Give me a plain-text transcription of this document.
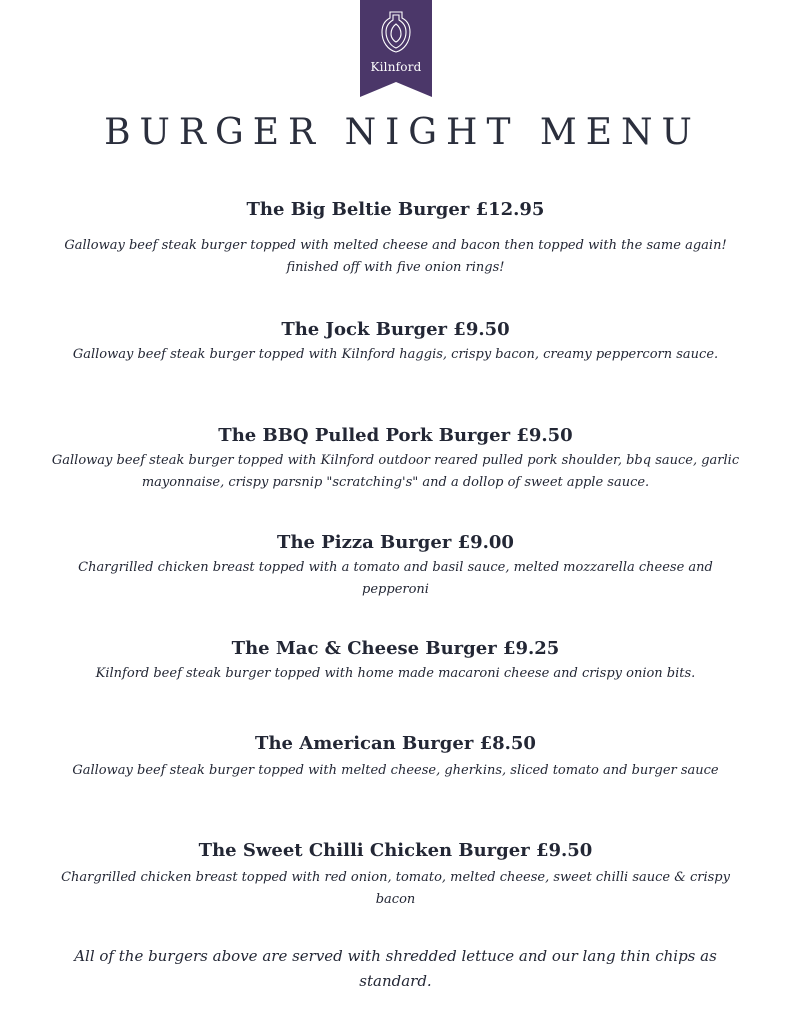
Kilnford
BURGER NIGHT MENU

The Big Beltie Burger £12.95

Galloway beef steak burger topped with melted cheese and bacon then topped with the same again! finished off with five onion rings!

The Jock Burger £9.50

Galloway beef steak burger topped with Kilnford haggis, crispy bacon, creamy peppercorn sauce.

The BBQ Pulled Pork Burger £9.50

Galloway beef steak burger topped with Kilnford outdoor reared pulled pork shoulder, bbq sauce, garlic mayonnaise, crispy parsnip "scratching's" and a dollop of sweet apple sauce.

The Pizza Burger £9.00

Chargrilled chicken breast topped with a tomato and basil sauce, melted mozzarella cheese and pepperoni

The Mac & Cheese Burger £9.25

Kilnford beef steak burger topped with home made macaroni cheese and crispy onion bits.

The American Burger £8.50

Galloway beef steak burger topped with melted cheese, gherkins, sliced tomato and burger sauce

The Sweet Chilli Chicken Burger £9.50

Chargrilled chicken breast topped with red onion, tomato, melted cheese, sweet chilli sauce & crispy bacon

All of the burgers above are served with shredded lettuce and our lang thin chips as standard.
